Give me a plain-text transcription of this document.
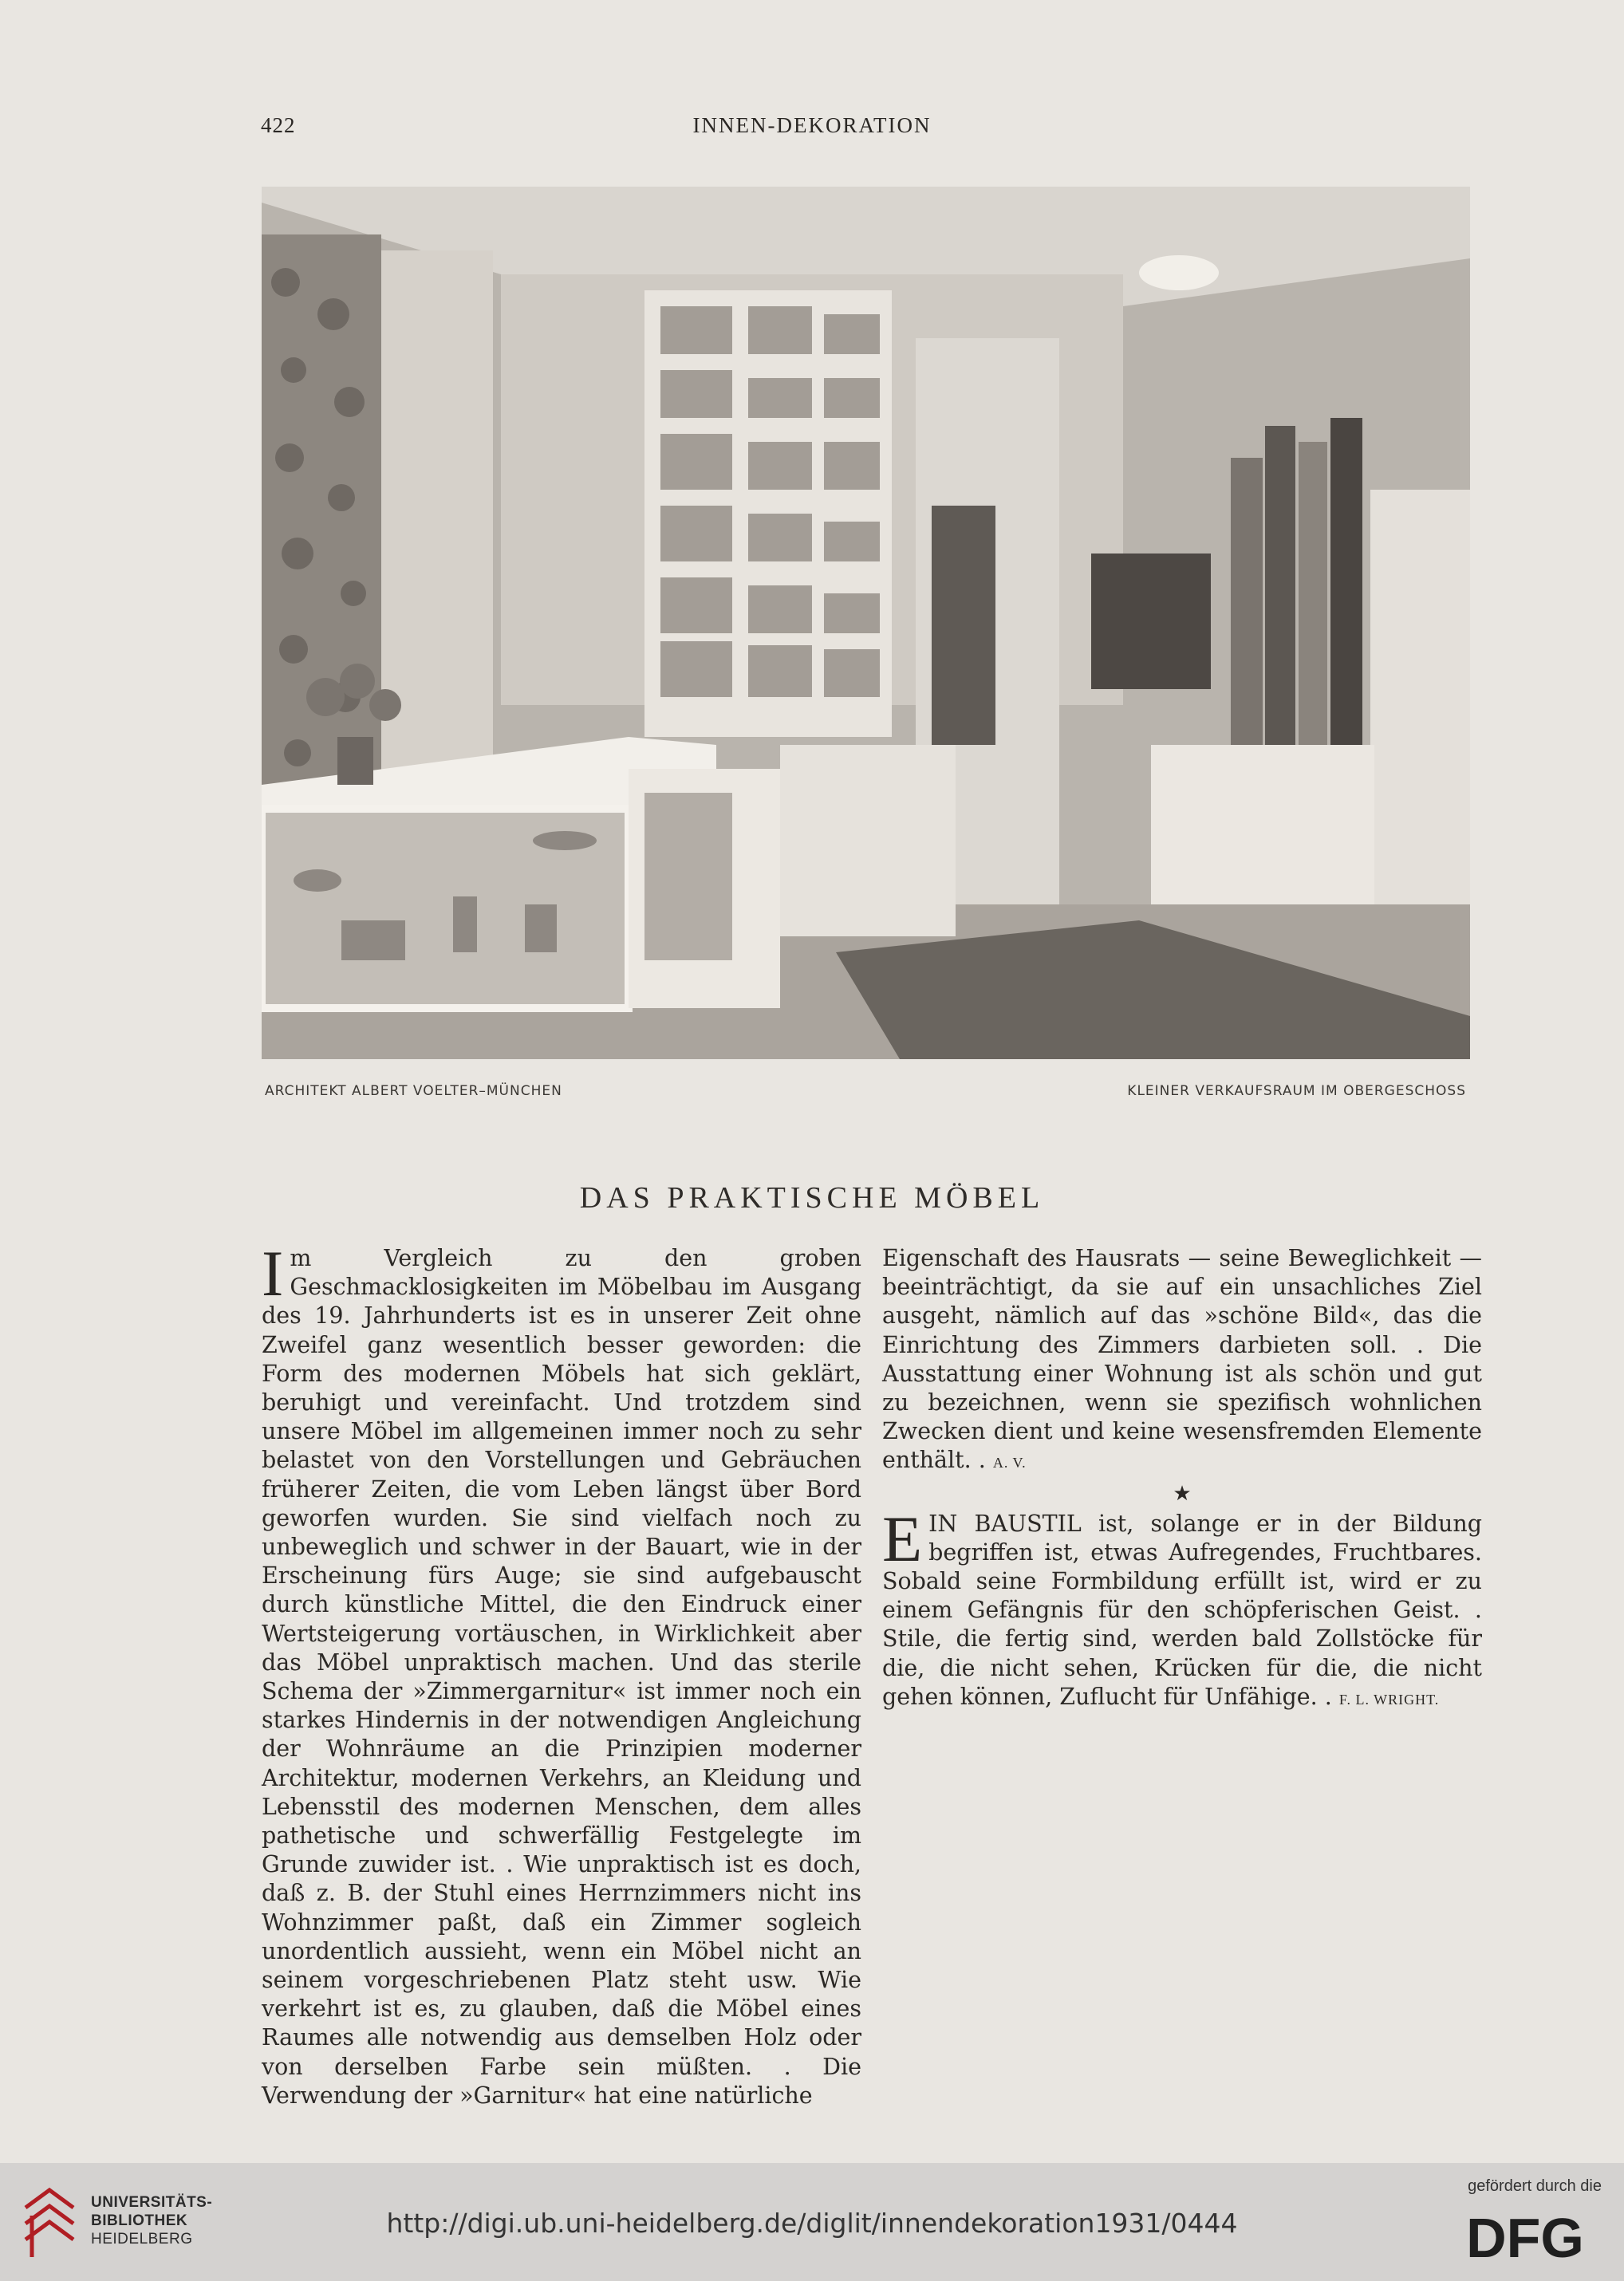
422	INNEN-DEKORATION
ARCHITEKT ALBERT VOELTER–MÜNCHEN	KLEINER VERKAUFSRAUM IM OBERGESCHOSS
DAS PRAKTISCHE MÖBEL

Im Vergleich zu den groben Geschmacklosigkeiten im Möbelbau im Ausgang des 19. Jahrhunderts ist es in unserer Zeit ohne Zweifel ganz wesentlich besser geworden: die Form des modernen Möbels hat sich geklärt, beruhigt und vereinfacht. Und trotzdem sind unsere Möbel im allgemeinen immer noch zu sehr belastet von den Vorstellungen und Gebräuchen früherer Zeiten, die vom Leben längst über Bord geworfen wurden. Sie sind vielfach noch zu unbeweglich und schwer in der Bauart, wie in der Erscheinung fürs Auge; sie sind aufgebauscht durch künstliche Mittel, die den Eindruck einer Wertsteigerung vortäuschen, in Wirklichkeit aber das Möbel unpraktisch machen. Und das sterile Schema der »Zimmergarnitur« ist immer noch ein starkes Hindernis in der notwendigen Angleichung der Wohnräume an die Prinzipien moderner Architektur, modernen Verkehrs, an Kleidung und Lebensstil des modernen Menschen, dem alles pathetische und schwerfällig Festgelegte im Grunde zuwider ist. . Wie unpraktisch ist es doch, daß z. B. der Stuhl eines Herrnzimmers nicht ins Wohnzimmer paßt, daß ein Zimmer sogleich unordentlich aussieht, wenn ein Möbel nicht an seinem vorgeschriebenen Platz steht usw. Wie verkehrt ist es, zu glauben, daß die Möbel eines Raumes alle notwendig aus demselben Holz oder von derselben Farbe sein müßten. . Die Verwendung der »Garnitur« hat eine natürliche

Eigenschaft des Hausrats — seine Beweglichkeit — beeinträchtigt, da sie auf ein unsachliches Ziel ausgeht, nämlich auf das »schöne Bild«, das die Einrichtung des Zimmers darbieten soll. . Die Ausstattung einer Wohnung ist als schön und gut zu bezeichnen, wenn sie spezifisch wohnlichen Zwecken dient und keine wesensfremden Elemente enthält. . A. V.

★

EIN BAUSTIL ist, solange er in der Bildung begriffen ist, etwas Aufregendes, Fruchtbares. Sobald seine Formbildung erfüllt ist, wird er zu einem Gefängnis für den schöpferischen Geist. . Stile, die fertig sind, werden bald Zollstöcke für die, die nicht sehen, Krücken für die, die nicht gehen können, Zuflucht für Unfähige. . F. L. WRIGHT.

UNIVERSITÄTS-
BIBLIOTHEK
HEIDELBERG
http://digi.ub.uni-heidelberg.de/diglit/innendekoration1931/0444
gefördert durch die
DFG
